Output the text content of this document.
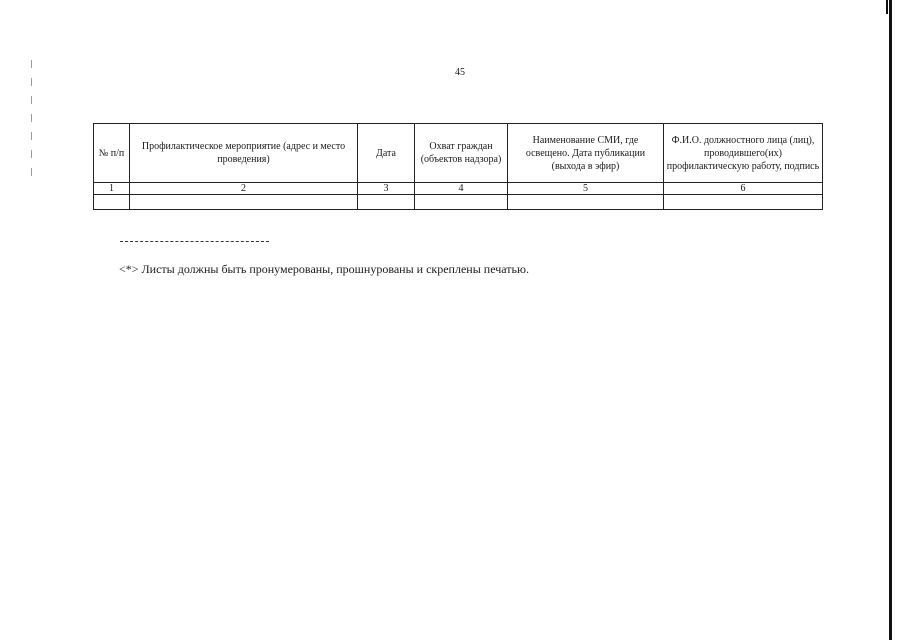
45
№ п/п	Профилактическое мероприятие (адрес и место проведения)	Дата	Охват граждан (объектов надзора)	Наименование СМИ, где освещено. Дата публикации (выхода в эфир)	Ф.И.О. должностного лица (лиц), проводившего(их) профилактическую работу, подпись
1	2	3	4	5	6

<*> Листы должны быть пронумерованы, прошнурованы и скреплены печатью.
